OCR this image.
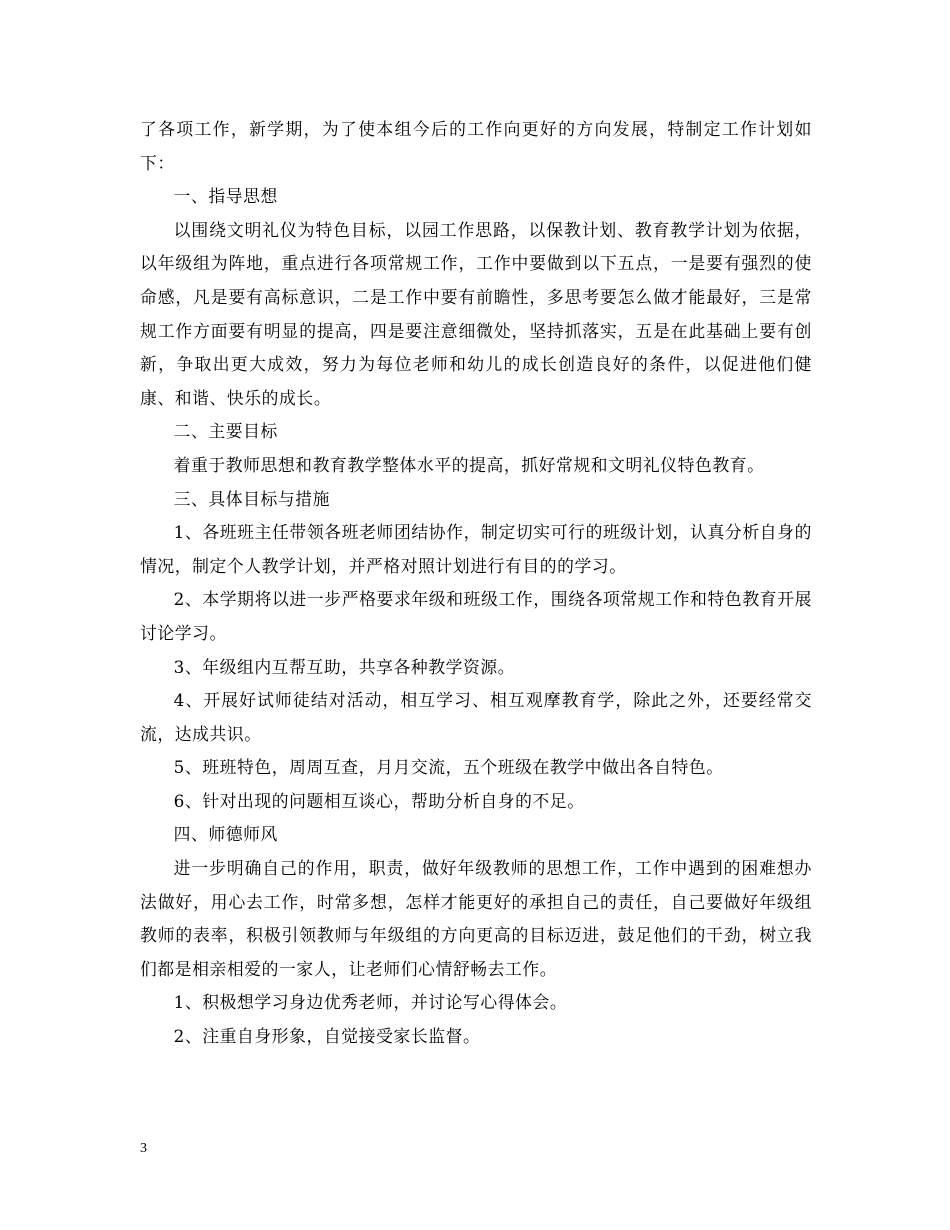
了各项工作，新学期，为了使本组今后的工作向更好的方向发展，特制定工作计划如下：

一、指导思想

以围绕文明礼仪为特色目标，以园工作思路，以保教计划、教育教学计划为依据，以年级组为阵地，重点进行各项常规工作，工作中要做到以下五点，一是要有强烈的使命感，凡是要有高标意识，二是工作中要有前瞻性，多思考要怎么做才能最好，三是常规工作方面要有明显的提高，四是要注意细微处，坚持抓落实，五是在此基础上要有创新，争取出更大成效，努力为每位老师和幼儿的成长创造良好的条件，以促进他们健康、和谐、快乐的成长。

二、主要目标

着重于教师思想和教育教学整体水平的提高，抓好常规和文明礼仪特色教育。

三、具体目标与措施

1、各班班主任带领各班老师团结协作，制定切实可行的班级计划，认真分析自身的情况，制定个人教学计划，并严格对照计划进行有目的的学习。

2、本学期将以进一步严格要求年级和班级工作，围绕各项常规工作和特色教育开展讨论学习。

3、年级组内互帮互助，共享各种教学资源。

4、开展好试师徒结对活动，相互学习、相互观摩教育学，除此之外，还要经常交流，达成共识。

5、班班特色，周周互查，月月交流，五个班级在教学中做出各自特色。

6、针对出现的问题相互谈心，帮助分析自身的不足。

四、师德师风

进一步明确自己的作用，职责，做好年级教师的思想工作，工作中遇到的困难想办法做好，用心去工作，时常多想，怎样才能更好的承担自己的责任，自己要做好年级组教师的表率，积极引领教师与年级组的方向更高的目标迈进，鼓足他们的干劲，树立我们都是相亲相爱的一家人，让老师们心情舒畅去工作。

1、积极想学习身边优秀老师，并讨论写心得体会。

2、注重自身形象，自觉接受家长监督。

3
